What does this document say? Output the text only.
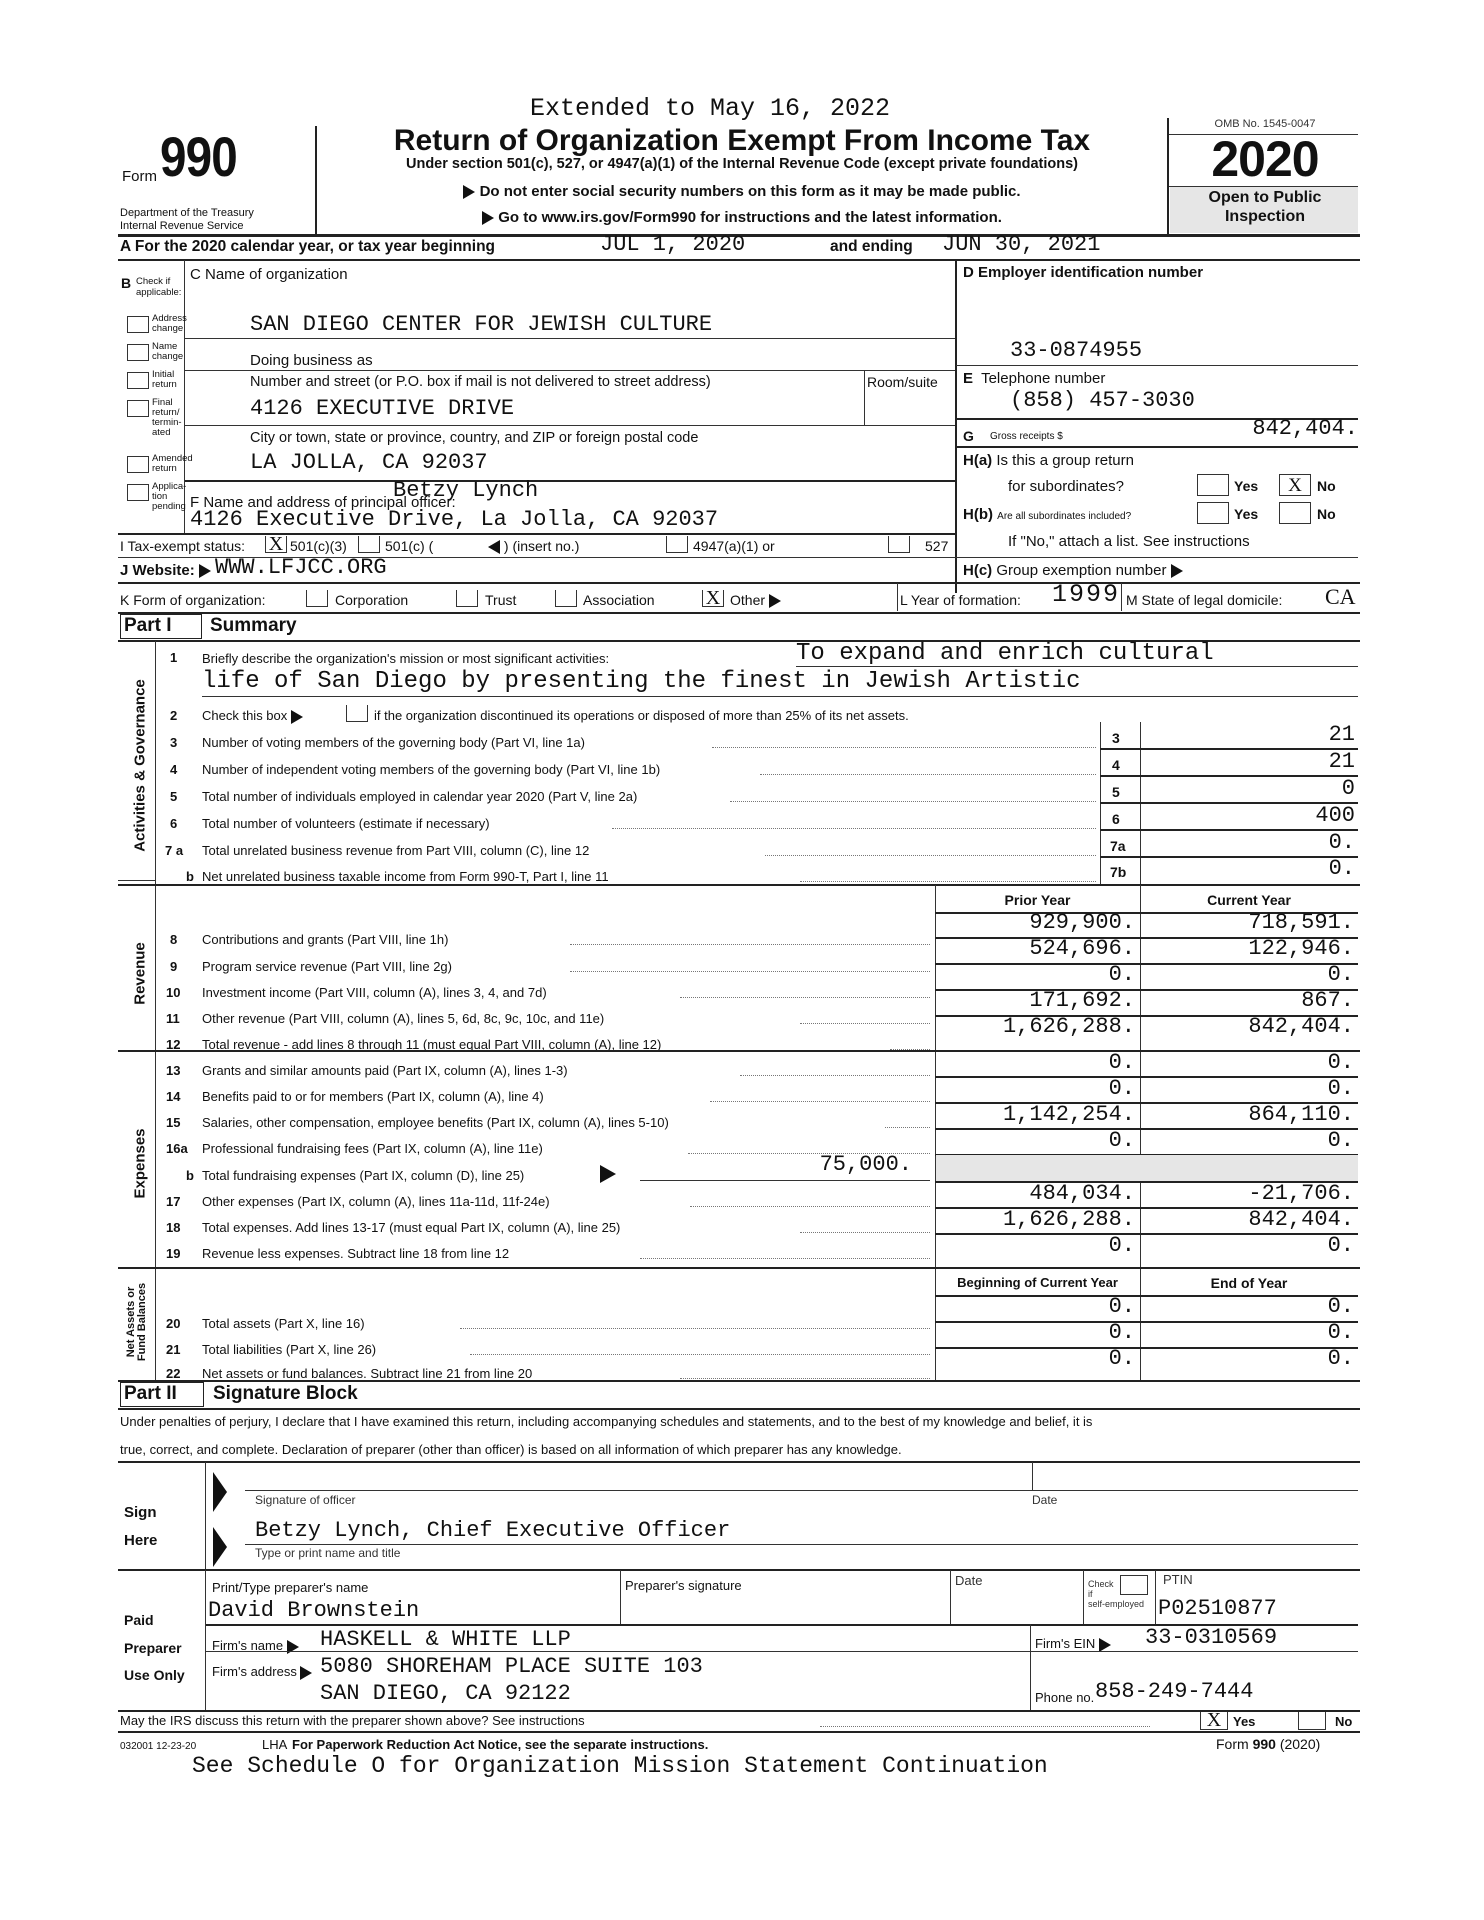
Extended to May 16, 2022
Form 990
Department of the Treasury
Internal Revenue Service
Return of Organization Exempt From Income Tax
Under section 501(c), 527, or 4947(a)(1) of the Internal Revenue Code (except private foundations)
Do not enter social security numbers on this form as it may be made public.
Go to www.irs.gov/Form990 for instructions and the latest information.
OMB No. 1545-0047
2020
Open to Public
Inspection
A For the 2020 calendar year, or tax year beginning	JUL 1, 2020	and ending JUN 30, 2021
B Check if applicable:
Address
change
Name
change
Initial
return
Final
return/ termin- ated
Amended
return
Applica-
tion pending
C Name of organization
SAN DIEGO CENTER FOR JEWISH CULTURE
Doing business as
Number and street (or P.O. box if mail is not delivered to street address)	Room/suite
4126 EXECUTIVE DRIVE
City or town, state or province, country, and ZIP or foreign postal code
LA JOLLA, CA 92037
F Name and address of principal officer:
Betzy Lynch
4126 Executive Drive, La Jolla, CA 92037
D Employer identification number
33-0874955
E Telephone number
(858) 457-3030
G Gross receipts $	842,404.
H(a) Is this a group return
for subordinates?	Yes	X	No
H(b) Are all subordinates included?	Yes	No
If "No," attach a list. See instructions
H(c) Group exemption number
I Tax-exempt status: X 501(c)(3)	501(c) (	) (insert no.)	4947(a)(1) or	527
J Website: WWW.LFJCC.ORG
K Form of organization:	Corporation	Trust	Association	X Other	L Year of formation: 1999 M State of legal domicile: CA
Part I Summary
Activities & Governance
Revenue
Expenses
Net Assets or
Fund Balances
1 Briefly describe the organization's mission or most significant activities:	To expand and enrich cultural
life of San Diego by presenting the finest in Jewish Artistic
2 Check this box	if the organization discontinued its operations or disposed of more than 25% of its net assets.
3 Number of voting members of the governing body (Part VI, line 1a)	3	21
4 Number of independent voting members of the governing body (Part VI, line 1b)	4	21
5 Total number of individuals employed in calendar year 2020 (Part V, line 2a)	5	0
6 Total number of volunteers (estimate if necessary)	6	400
7 a Total unrelated business revenue from Part VIII, column (C), line 12	7a	0.
b Net unrelated business taxable income from Form 990-T, Part I, line 11	7b	0.
Prior Year	Current Year
8 Contributions and grants (Part VIII, line 1h)
929,900.	718,591.
9 Program service revenue (Part VIII, line 2g)
524,696.	122,946.
10 Investment income (Part VIII, column (A), lines 3, 4, and 7d)
0.	0.
11 Other revenue (Part VIII, column (A), lines 5, 6d, 8c, 9c, 10c, and 11e)
171,692.	867.
12 Total revenue - add lines 8 through 11 (must equal Part VIII, column (A), line 12)
1,626,288.	842,404.
13 Grants and similar amounts paid (Part IX, column (A), lines 1-3)	0.	0.
14 Benefits paid to or for members (Part IX, column (A), line 4)	0.	0.
15 Salaries, other compensation, employee benefits (Part IX, column (A), lines 5-10)	1,142,254.	864,110.
16a Professional fundraising fees (Part IX, column (A), line 11e)	0.	0.
b Total fundraising expenses (Part IX, column (D), line 25)	75,000.
17 Other expenses (Part IX, column (A), lines 11a-11d, 11f-24e)	484,034.	-21,706.
18 Total expenses. Add lines 13-17 (must equal Part IX, column (A), line 25)	1,626,288.	842,404.
19 Revenue less expenses. Subtract line 18 from line 12	0.	0.
Beginning of Current Year	End of Year
20 Total assets (Part X, line 16)
0.	0.
21 Total liabilities (Part X, line 26)
0.	0.
22 Net assets or fund balances. Subtract line 21 from line 20
0.	0.
Part II Signature Block
Under penalties of perjury, I declare that I have examined this return, including accompanying schedules and statements, and to the best of my knowledge and belief, it is
true, correct, and complete. Declaration of preparer (other than officer) is based on all information of which preparer has any knowledge.
Sign
Here
Signature of officer	Date
Betzy Lynch, Chief Executive Officer
Type or print name and title
Paid
Preparer
Use Only
Print/Type preparer's name
David Brownstein
Preparer's signature	Date	Check
if
self-employed
PTIN
P02510877
Firm's name	HASKELL & WHITE LLP	Firm's EIN	33-0310569
Firm's address	5080 SHOREHAM PLACE SUITE 103
SAN DIEGO, CA 92122	Phone no. 858-249-7444
May the IRS discuss this return with the preparer shown above? See instructions	X Yes	No
032001 12-23-20	LHA For Paperwork Reduction Act Notice, see the separate instructions.	Form 990 (2020)
See Schedule O for Organization Mission Statement Continuation
